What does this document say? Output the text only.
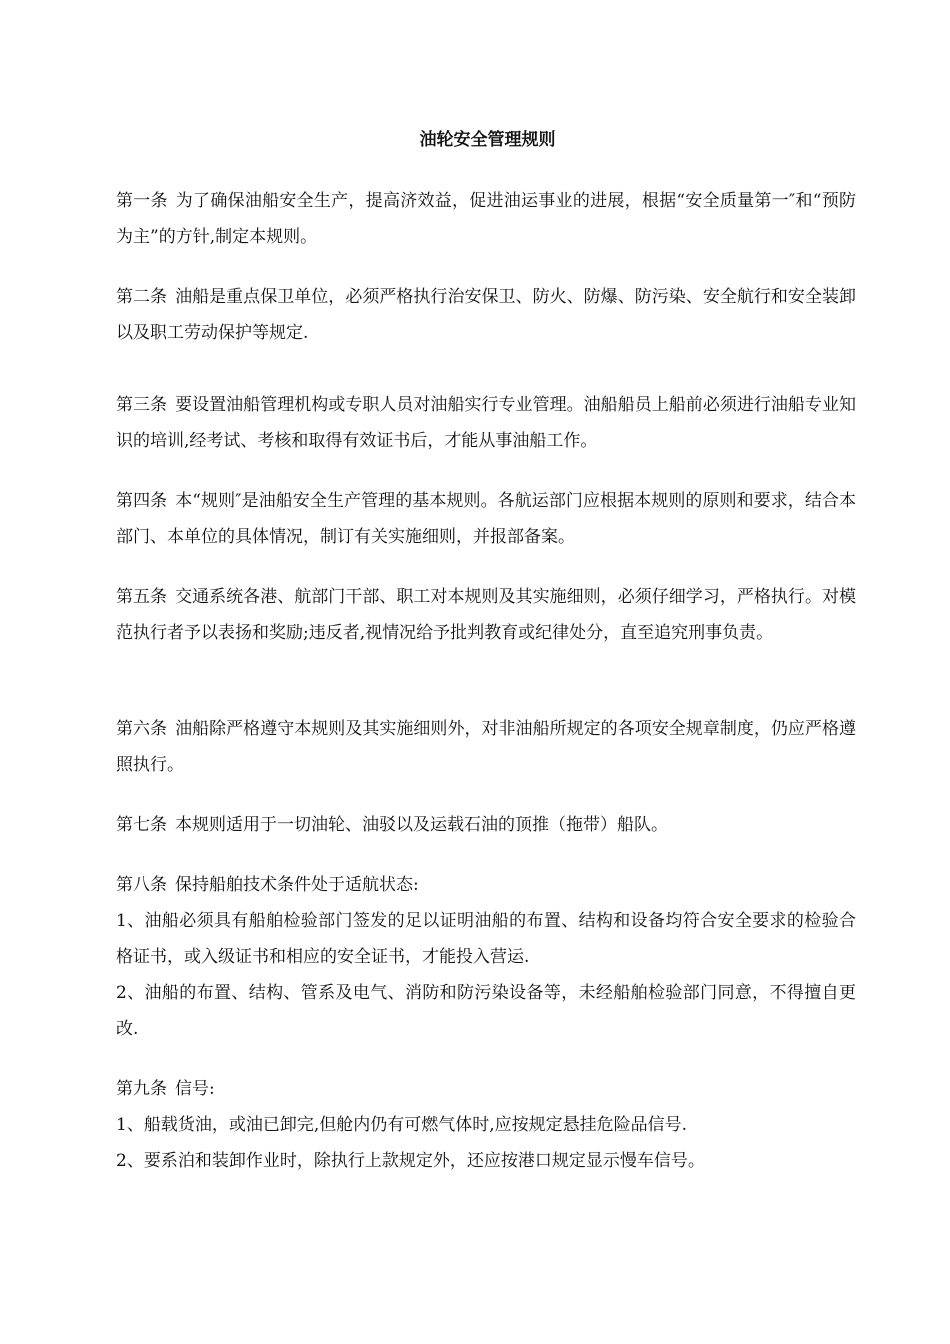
油轮安全管理规则
第一条 为了确保油船安全生产，提高济效益，促进油运事业的进展，根据“安全质量第一″和“预防为主”的方针,制定本规则。
第二条 油船是重点保卫单位，必须严格执行治安保卫、防火、防爆、防污染、安全航行和安全装卸以及职工劳动保护等规定.
第三条 要设置油船管理机构或专职人员对油船实行专业管理。油船船员上船前必须进行油船专业知识的培训,经考试、考核和取得有效证书后，才能从事油船工作。
第四条 本“规则″是油船安全生产管理的基本规则。各航运部门应根据本规则的原则和要求，结合本部门、本单位的具体情况，制订有关实施细则，并报部备案。
第五条 交通系统各港、航部门干部、职工对本规则及其实施细则，必须仔细学习，严格执行。对模范执行者予以表扬和奖励;违反者,视情况给予批判教育或纪律处分，直至追究刑事负责。
第六条 油船除严格遵守本规则及其实施细则外，对非油船所规定的各项安全规章制度，仍应严格遵照执行。
第七条 本规则适用于一切油轮、油驳以及运载石油的顶推（拖带）船队。
第八条 保持船舶技术条件处于适航状态:
1、油船必须具有船舶检验部门签发的足以证明油船的布置、结构和设备均符合安全要求的检验合格证书，或入级证书和相应的安全证书，才能投入营运.
2、油船的布置、结构、管系及电气、消防和防污染设备等，未经船舶检验部门同意，不得擅自更改.
第九条 信号:
1、船载货油，或油已卸完,但舱内仍有可燃气体时,应按规定悬挂危险品信号.
2、要系泊和装卸作业时，除执行上款规定外，还应按港口规定显示慢车信号。
